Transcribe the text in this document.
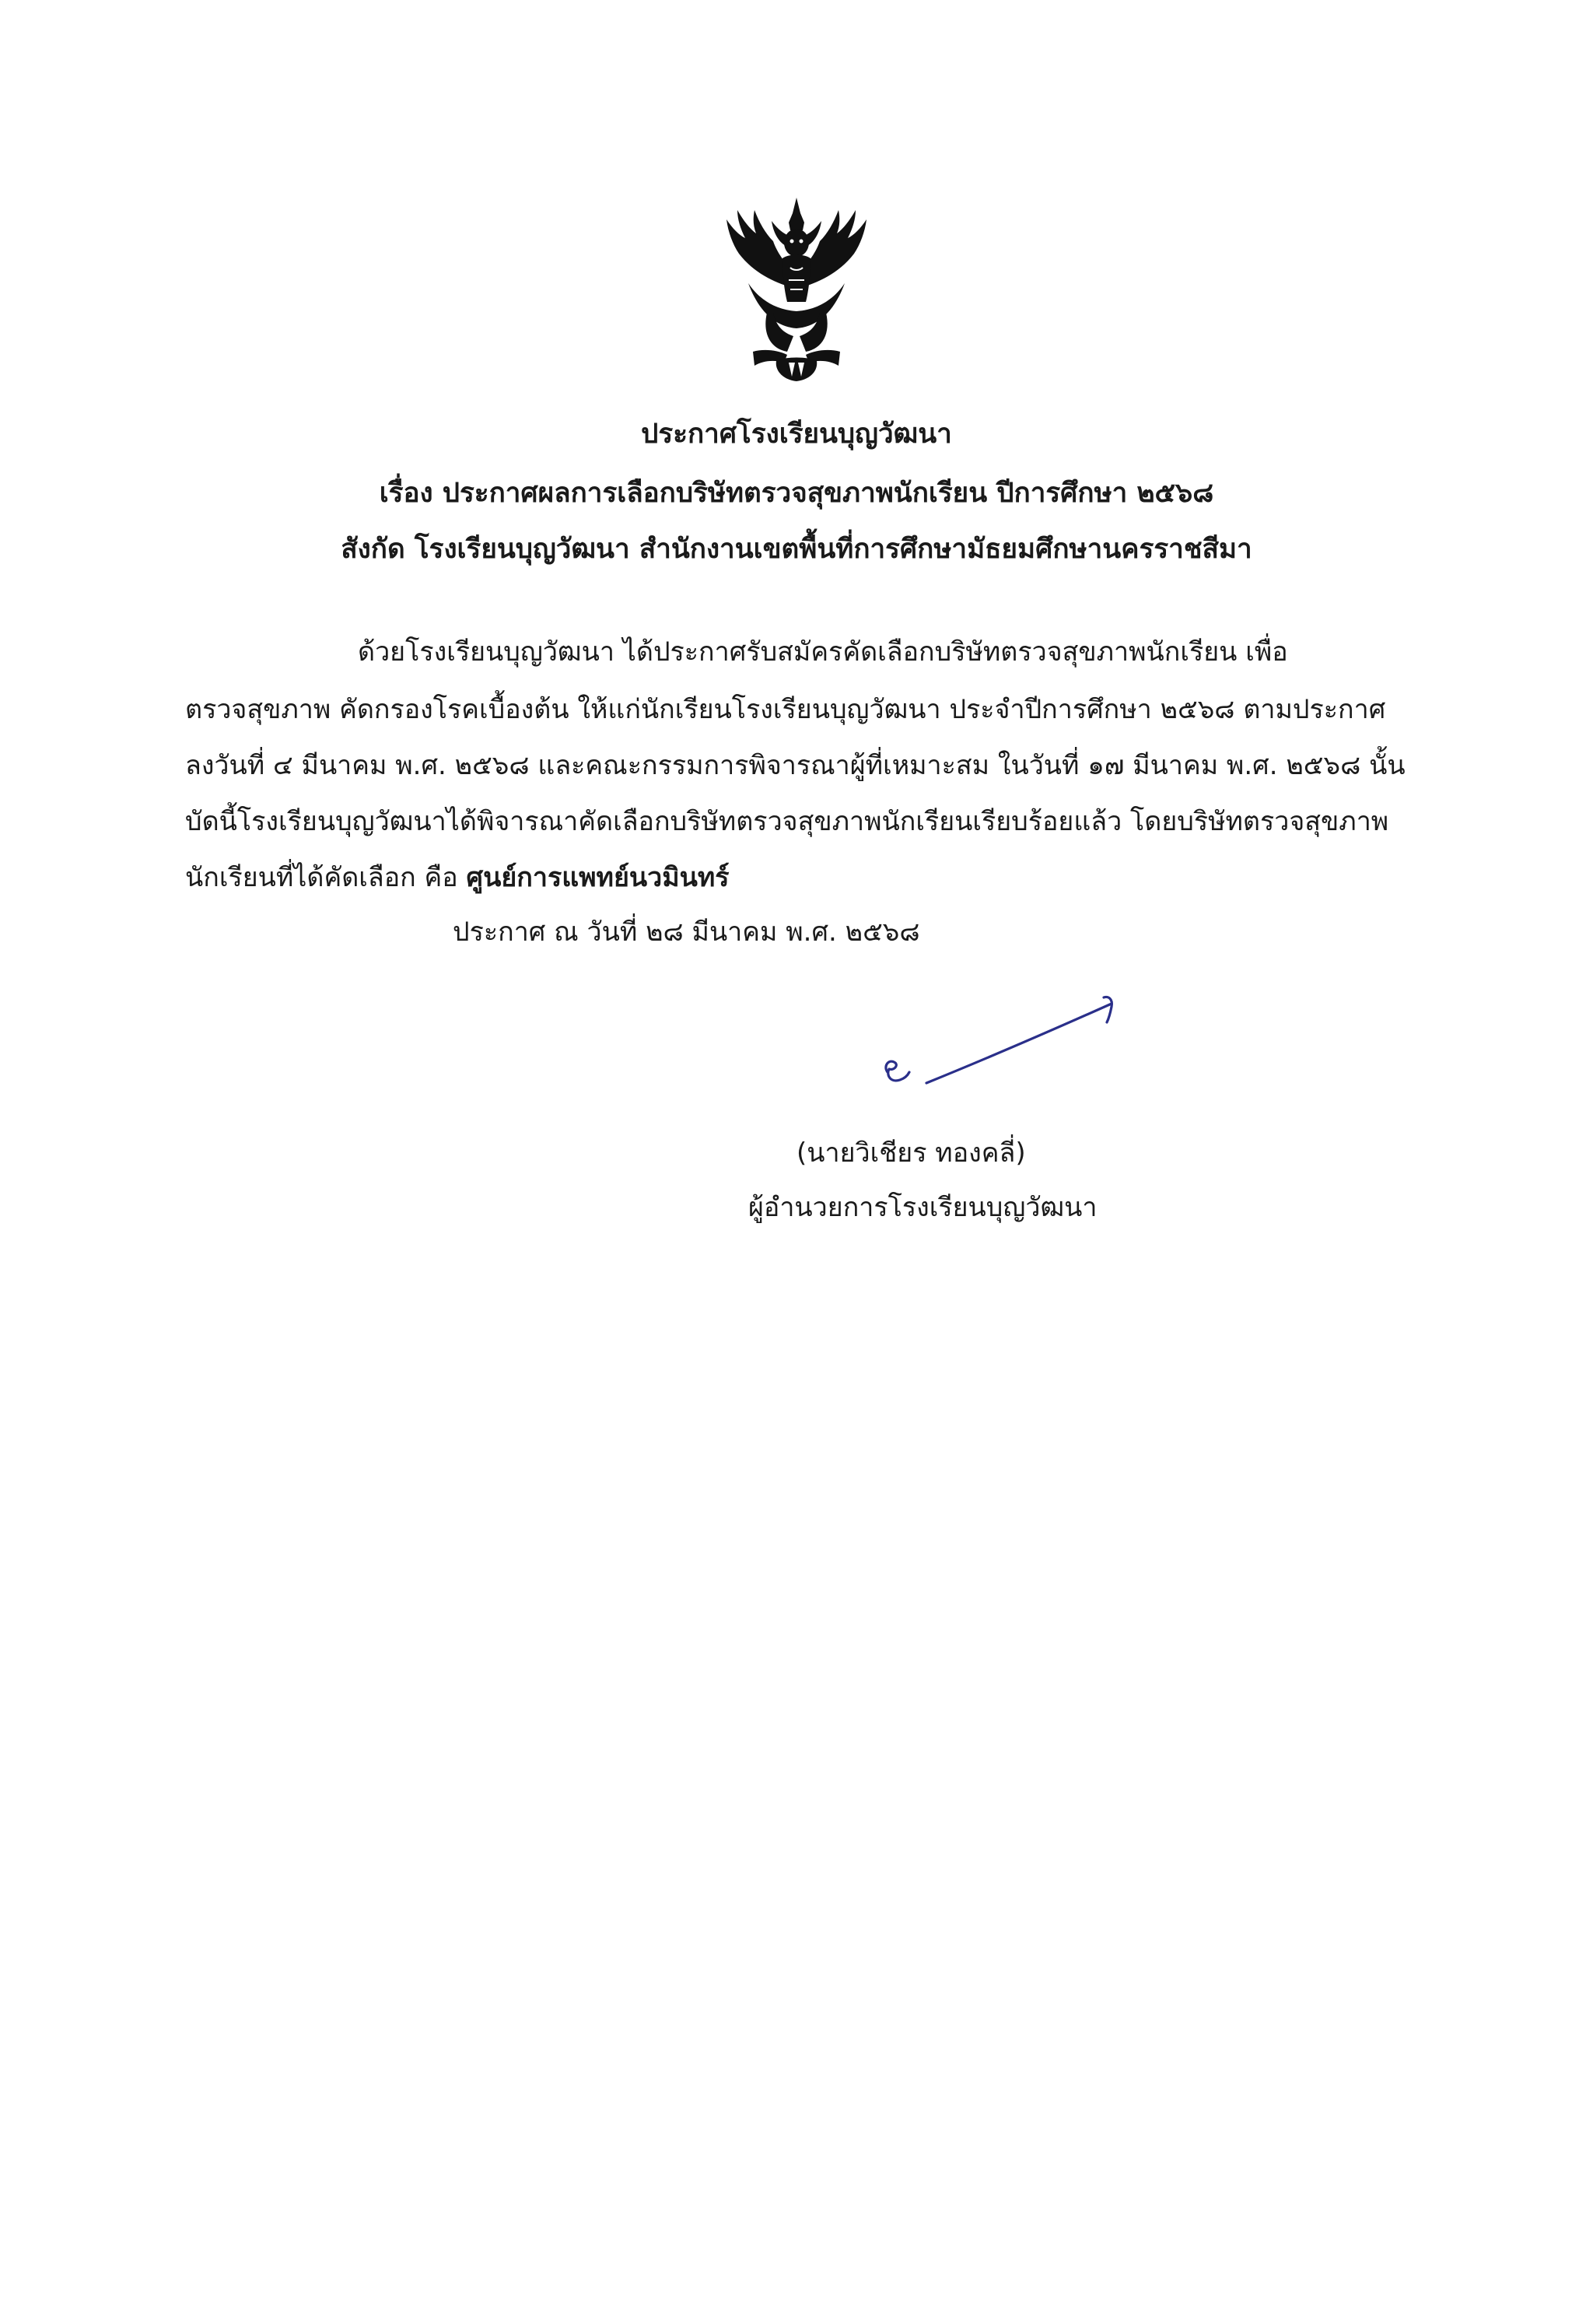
ประกาศโรงเรียนบุญวัฒนา
เรื่อง ประกาศผลการเลือกบริษัทตรวจสุขภาพนักเรียน ปีการศึกษา ๒๕๖๘
สังกัด โรงเรียนบุญวัฒนา สำนักงานเขตพื้นที่การศึกษามัธยมศึกษานครราชสีมา
ด้วยโรงเรียนบุญวัฒนา ได้ประกาศรับสมัครคัดเลือกบริษัทตรวจสุขภาพนักเรียน เพื่อ
ตรวจสุขภาพ คัดกรองโรคเบื้องต้น ให้แก่นักเรียนโรงเรียนบุญวัฒนา ประจำปีการศึกษา ๒๕๖๘ ตามประกาศ
ลงวันที่ ๔ มีนาคม พ.ศ. ๒๕๖๘ และคณะกรรมการพิจารณาผู้ที่เหมาะสม ในวันที่ ๑๗ มีนาคม พ.ศ. ๒๕๖๘ นั้น
บัดนี้โรงเรียนบุญวัฒนาได้พิจารณาคัดเลือกบริษัทตรวจสุขภาพนักเรียนเรียบร้อยแล้ว โดยบริษัทตรวจสุขภาพ
นักเรียนที่ได้คัดเลือก คือ ศูนย์การแพทย์นวมินทร์
ประกาศ ณ วันที่ ๒๘ มีนาคม พ.ศ. ๒๕๖๘
(นายวิเชียร ทองคลี่)
ผู้อำนวยการโรงเรียนบุญวัฒนา
